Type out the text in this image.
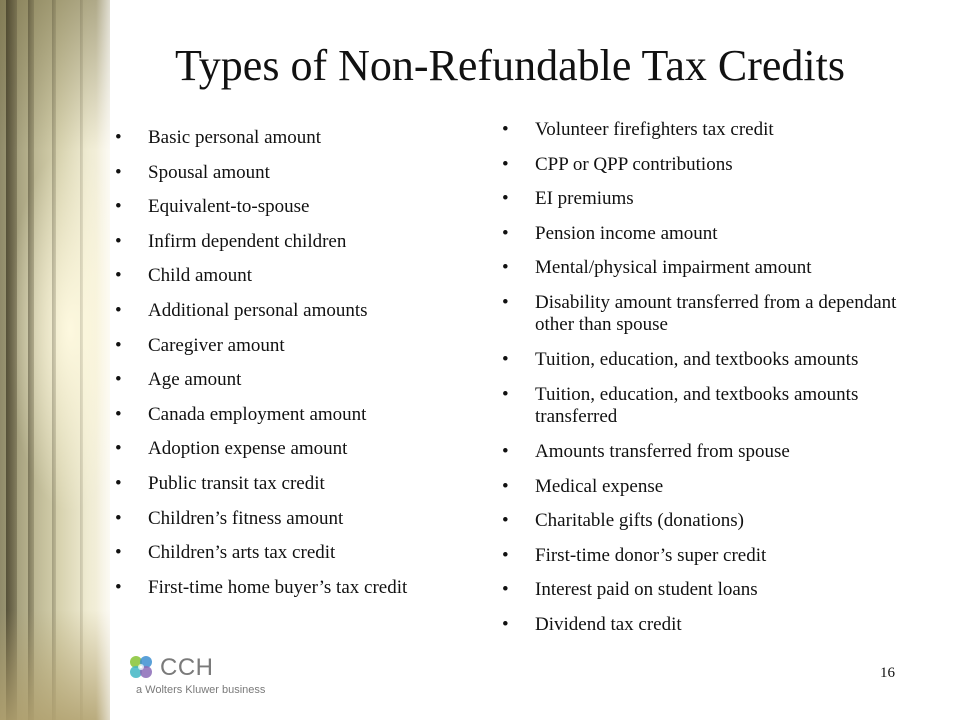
Types of Non-Refundable Tax Credits
• Basic personal amount
• Spousal amount
• Equivalent-to-spouse
• Infirm dependent children
• Child amount
• Additional personal amounts
• Caregiver amount
• Age amount
• Canada employment amount
• Adoption expense amount
• Public transit tax credit
• Children’s fitness amount
• Children’s arts tax credit
• First-time home buyer’s tax credit
• Volunteer firefighters tax credit
• CPP or QPP contributions
• EI premiums
• Pension income amount
• Mental/physical impairment amount
• Disability amount transferred from a dependant other than spouse
• Tuition, education, and textbooks amounts
• Tuition, education, and textbooks amounts transferred
• Amounts transferred from spouse
• Medical expense
• Charitable gifts (donations)
• First-time donor’s super credit
• Interest paid on student loans
• Dividend tax credit
CCH
a Wolters Kluwer business
16
